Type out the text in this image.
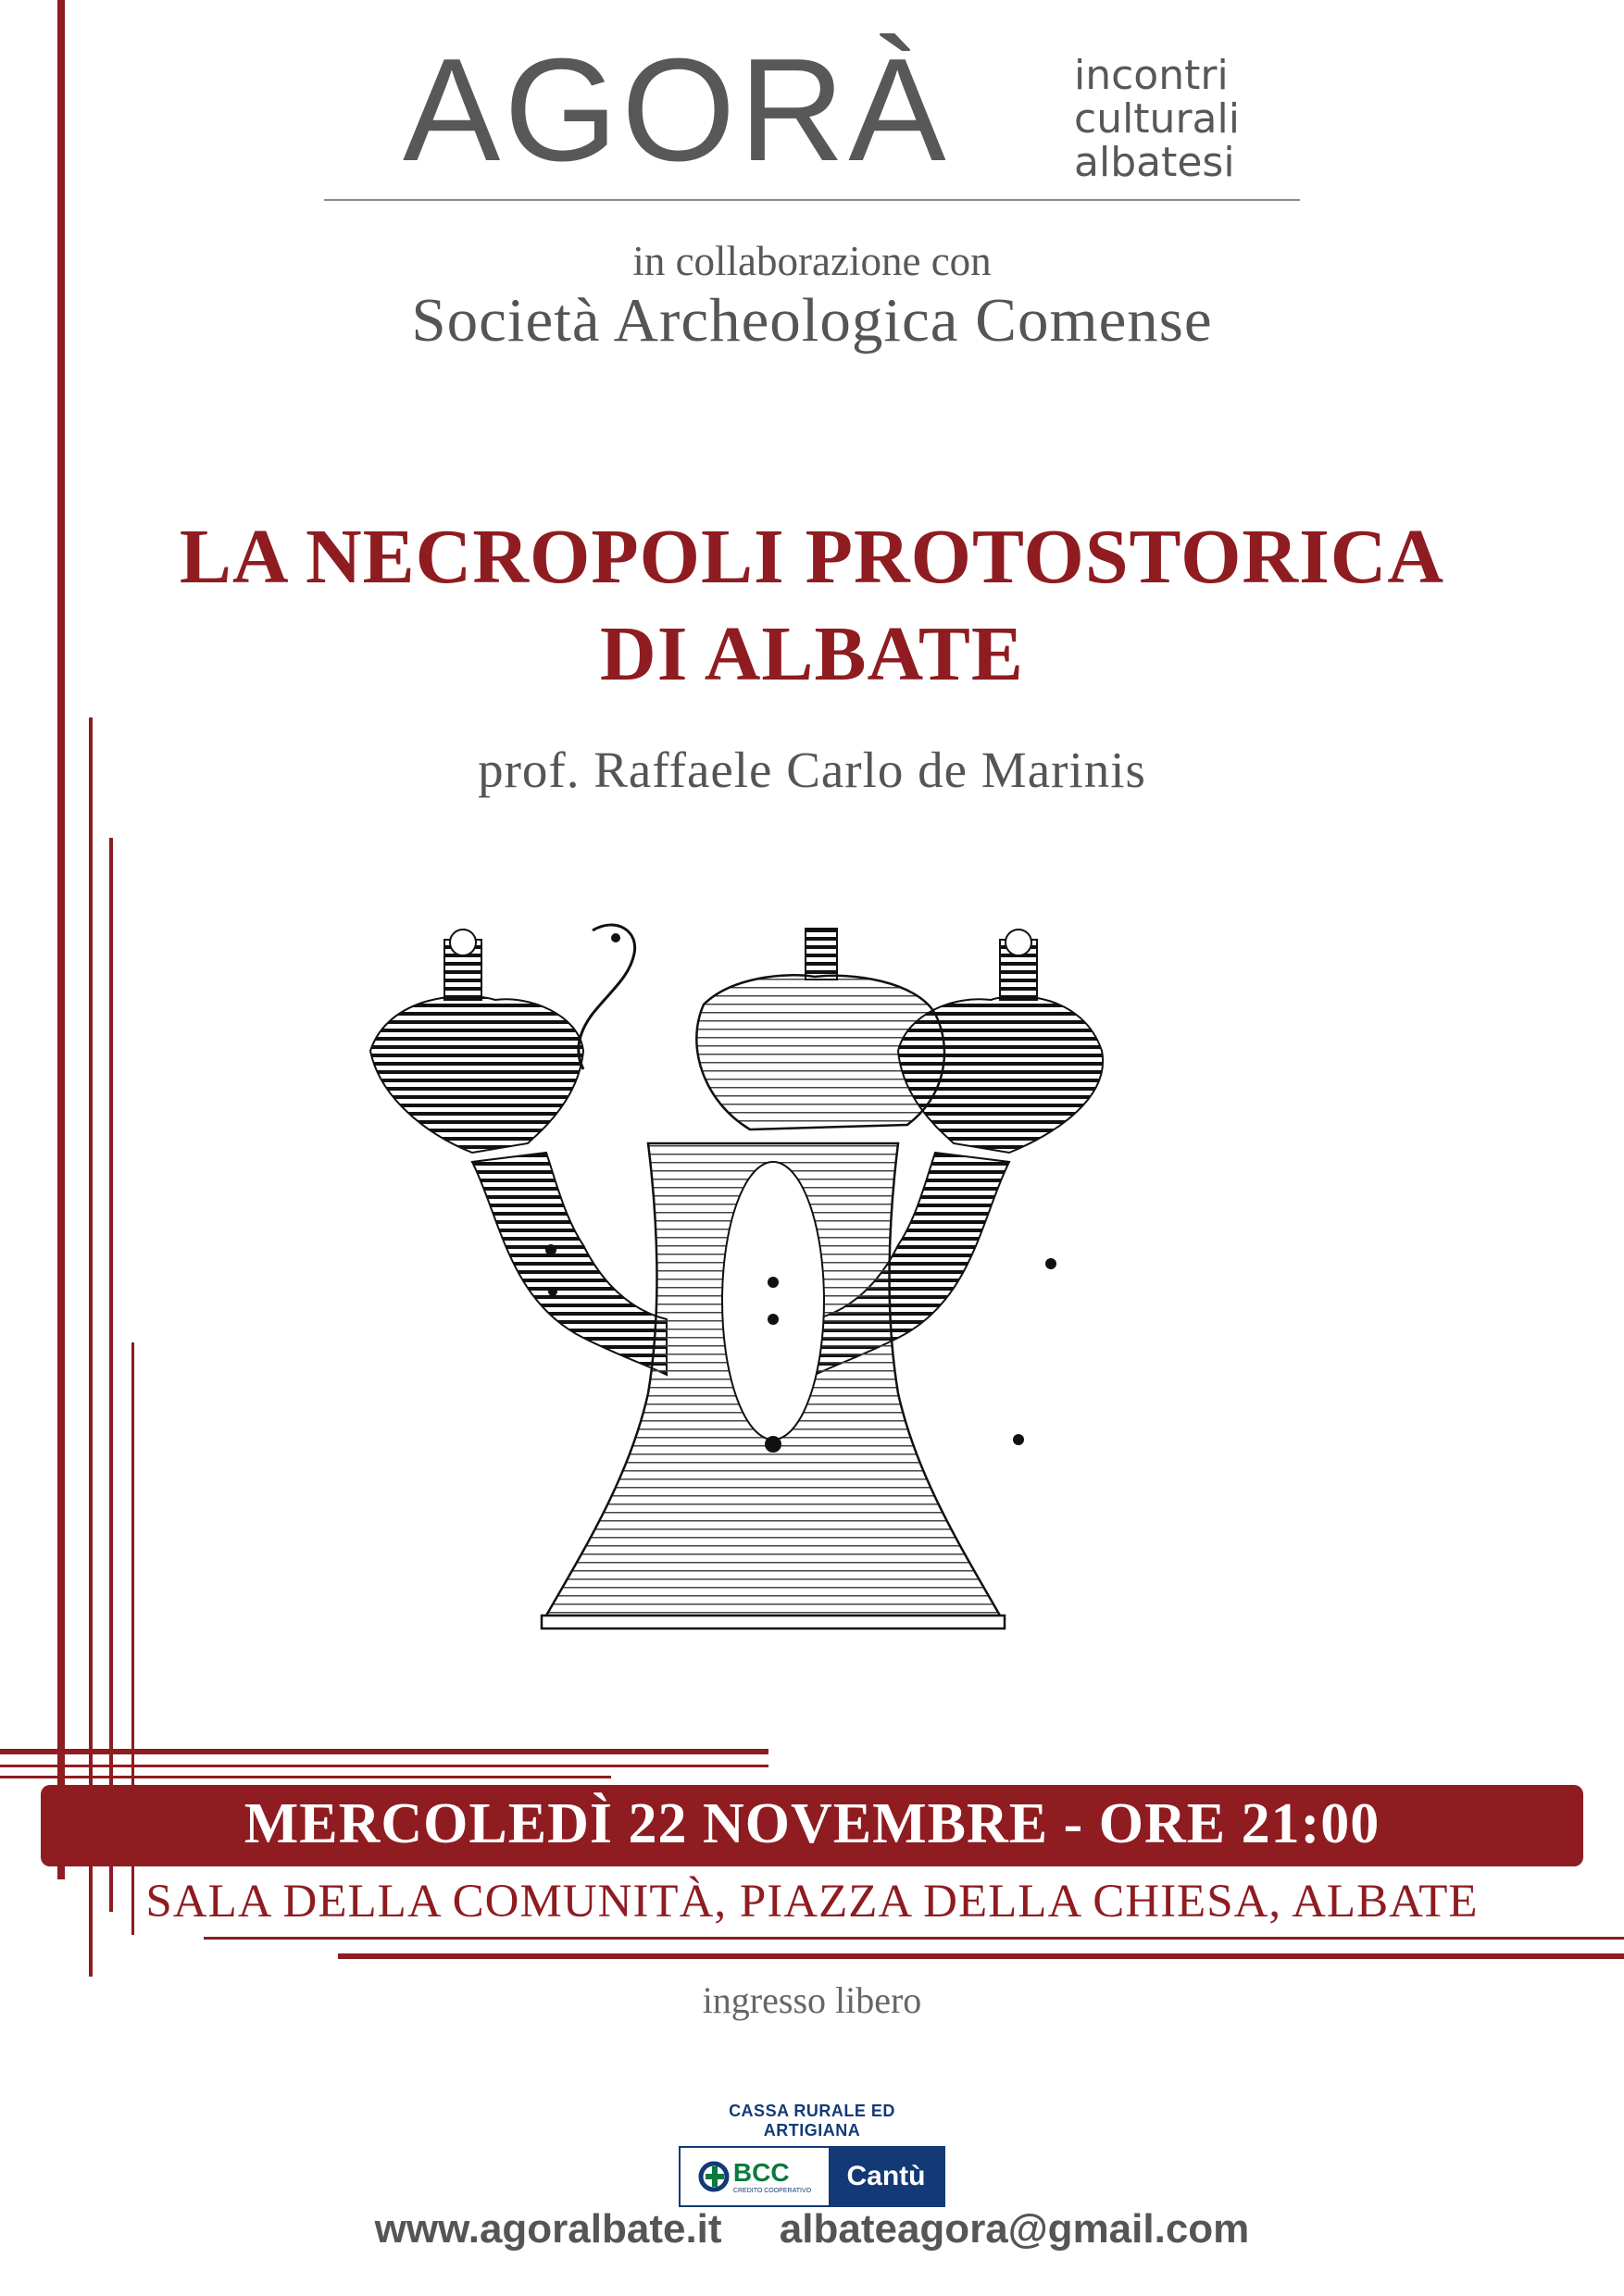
AGORÀ	incontri
culturali
albatesi
in collaborazione con
Società Archeologica Comense
LA NECROPOLI PROTOSTORICA
DI ALBATE
prof. Raffaele Carlo de Marinis
MERCOLEDÌ 22 NOVEMBRE - ORE 21:00
SALA DELLA COMUNITÀ, PIAZZA DELLA CHIESA, ALBATE
ingresso libero
CASSA RURALE ED ARTIGIANA
BCC
CREDITO COOPERATIVO	Cantù
www.agoralbate.it albateagora@gmail.com
